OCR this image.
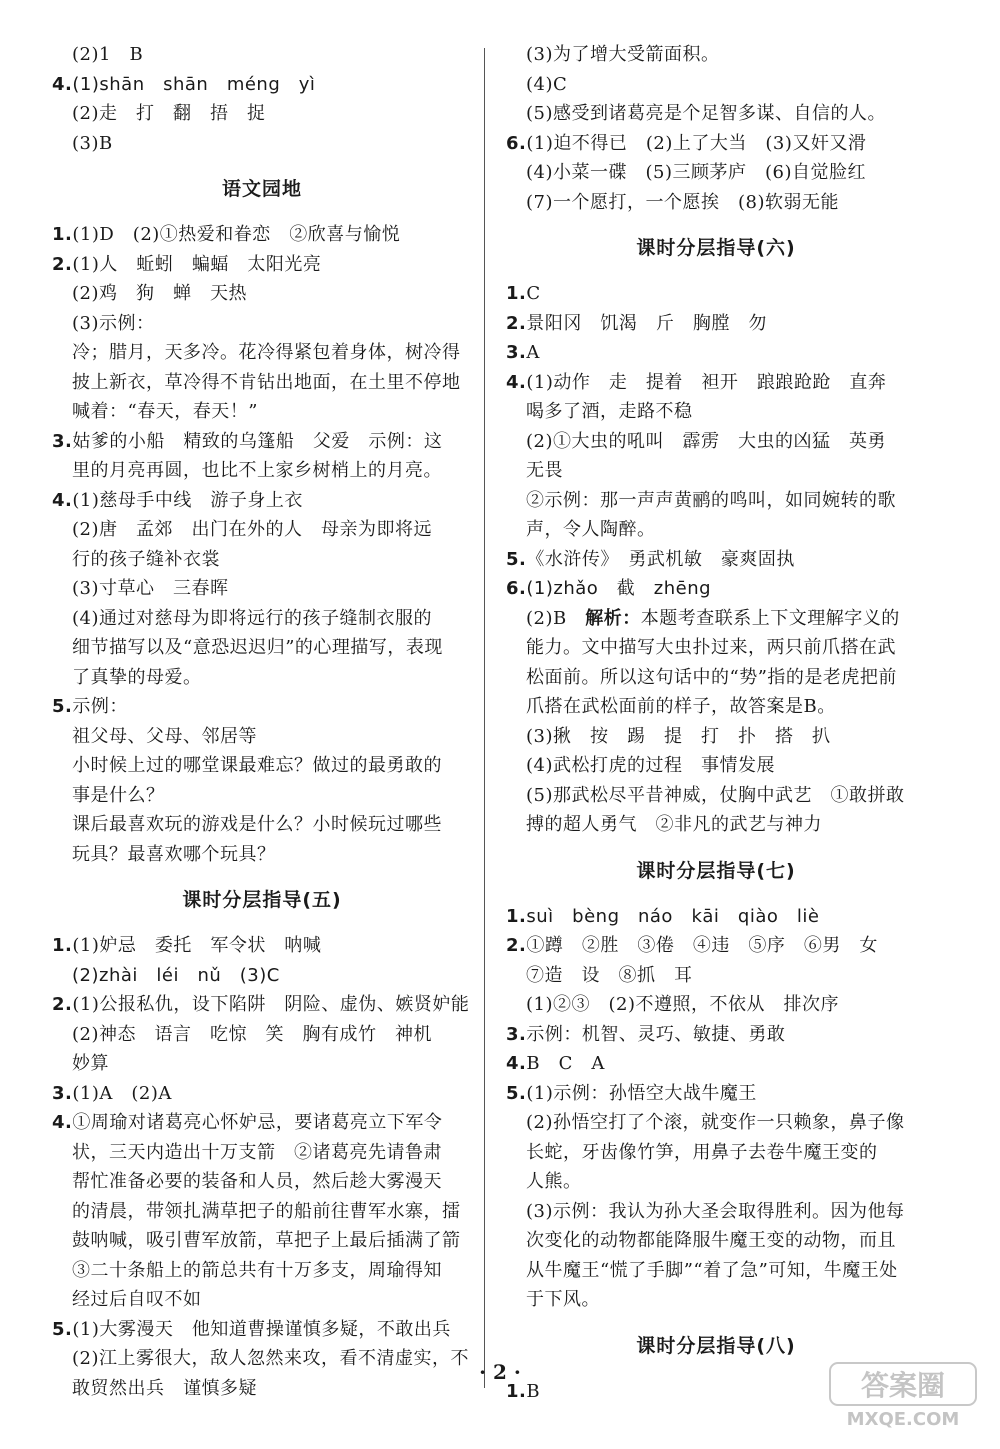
(2)1　B
4.(1)shān　shān　méng　yì
(2)走　打　翻　捂　捉
(3)B
语文园地
1.(1)D　(2)①热爱和眷恋　②欣喜与愉悦
2.(1)人　蚯蚓　蝙蝠　太阳光亮
(2)鸡　狗　蝉　天热
(3)示例：
冷；腊月，天多冷。花冷得紧包着身体，树冷得
披上新衣，草冷得不肯钻出地面，在土里不停地
喊着：“春天，春天！”
3.姑爹的小船　精致的乌篷船　父爱　示例：这
里的月亮再圆，也比不上家乡树梢上的月亮。
4.(1)慈母手中线　游子身上衣
(2)唐　孟郊　出门在外的人　母亲为即将远
行的孩子缝补衣裳
(3)寸草心　三春晖
(4)通过对慈母为即将远行的孩子缝制衣服的
细节描写以及“意恐迟迟归”的心理描写，表现
了真挚的母爱。
5.示例：
祖父母、父母、邻居等
小时候上过的哪堂课最难忘？做过的最勇敢的
事是什么？
课后最喜欢玩的游戏是什么？小时候玩过哪些
玩具？最喜欢哪个玩具？
课时分层指导(五)
1.(1)妒忌　委托　军令状　呐喊
(2)zhài　léi　nǔ　(3)C
2.(1)公报私仇，设下陷阱　阴险、虚伪、嫉贤妒能
(2)神态　语言　吃惊　笑　胸有成竹　神机
妙算
3.(1)A　(2)A
4.①周瑜对诸葛亮心怀妒忌，要诸葛亮立下军令
状，三天内造出十万支箭　②诸葛亮先请鲁肃
帮忙准备必要的装备和人员，然后趁大雾漫天
的清晨，带领扎满草把子的船前往曹军水寨，擂
鼓呐喊，吸引曹军放箭，草把子上最后插满了箭
③二十条船上的箭总共有十万多支，周瑜得知
经过后自叹不如
5.(1)大雾漫天　他知道曹操谨慎多疑，不敢出兵
(2)江上雾很大，敌人忽然来攻，看不清虚实，不
敢贸然出兵　谨慎多疑
(3)为了增大受箭面积。
(4)C
(5)感受到诸葛亮是个足智多谋、自信的人。
6.(1)迫不得已　(2)上了大当　(3)又奸又滑
(4)小菜一碟　(5)三顾茅庐　(6)自觉脸红
(7)一个愿打，一个愿挨　(8)软弱无能
课时分层指导(六)
1.C
2.景阳冈　饥渴　斤　胸膛　勿
3.A
4.(1)动作　走　提着　袒开　踉踉跄跄　直奔
喝多了酒，走路不稳
(2)①大虫的吼叫　霹雳　大虫的凶猛　英勇
无畏
②示例：那一声声黄鹂的鸣叫，如同婉转的歌
声，令人陶醉。
5.《水浒传》　勇武机敏　豪爽固执
6.(1)zhǎo　截　zhēng
(2)B　解析：本题考查联系上下文理解字义的
能力。文中描写大虫扑过来，两只前爪搭在武
松面前。所以这句话中的“势”指的是老虎把前
爪搭在武松面前的样子，故答案是B。
(3)揪　按　踢　提　打　扑　搭　扒
(4)武松打虎的过程　事情发展
(5)那武松尽平昔神威，仗胸中武艺　①敢拼敢
搏的超人勇气　②非凡的武艺与神力
课时分层指导(七)
1.suì　bèng　náo　kāi　qiào　liè
2.①蹲　②胜　③倦　④违　⑤序　⑥男　女
⑦造　设　⑧抓　耳
(1)②③　(2)不遵照，不依从　排次序
3.示例：机智、灵巧、敏捷、勇敢
4.B　C　A
5.(1)示例：孙悟空大战牛魔王
(2)孙悟空打了个滚，就变作一只赖象，鼻子像
长蛇，牙齿像竹笋，用鼻子去卷牛魔王变的
人熊。
(3)示例：我认为孙大圣会取得胜利。因为他每
次变化的动物都能降服牛魔王变的动物，而且
从牛魔王“慌了手脚”“着了急”可知，牛魔王处
于下风。
课时分层指导(八)
1.B
· 2 ·	答案圈
MXQE.COM
